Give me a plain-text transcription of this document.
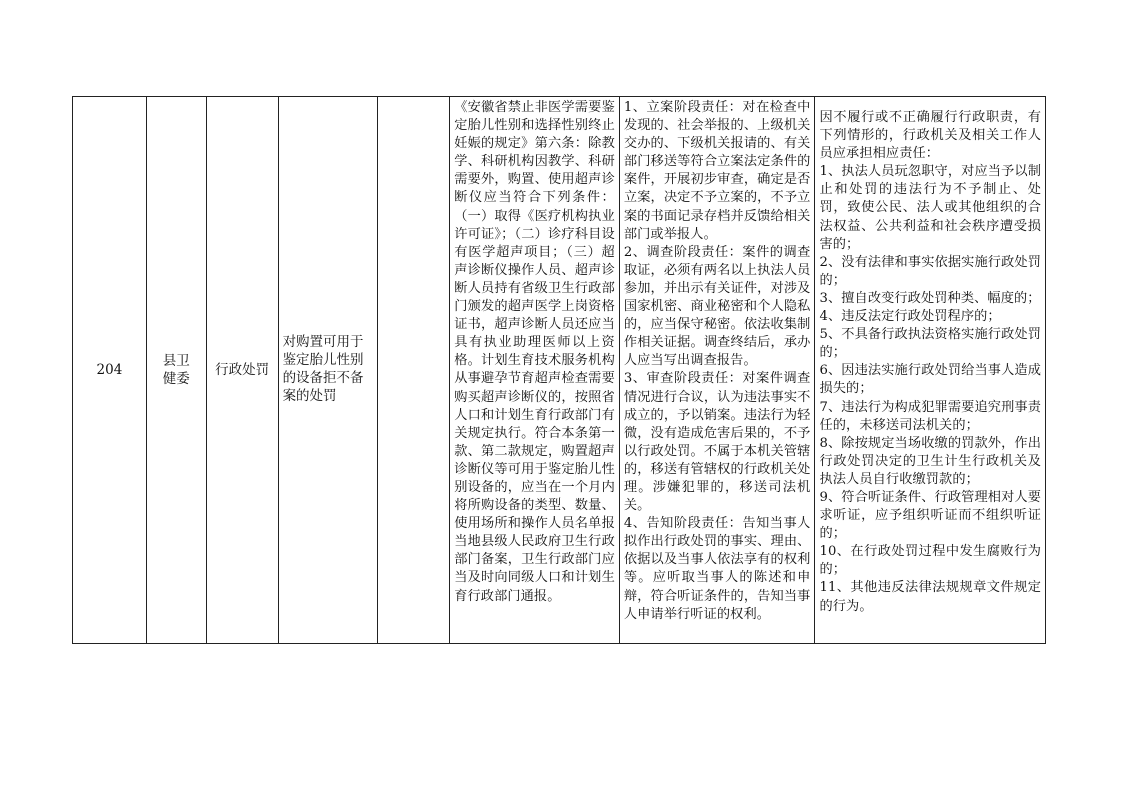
204
县卫健委
行政处罚
对购置可用于鉴定胎儿性别的设备拒不备案的处罚

《安徽省禁止非医学需要鉴定胎儿性别和选择性别终止妊娠的规定》第六条：除教学、科研机构因教学、科研需要外，购置、使用超声诊断仪应当符合下列条件：（一）取得《医疗机构执业许可证》；（二）诊疗科目设有医学超声项目；（三）超声诊断仪操作人员、超声诊断人员持有省级卫生行政部门颁发的超声医学上岗资格证书，超声诊断人员还应当具有执业助理医师以上资格。计划生育技术服务机构从事避孕节育超声检查需要购买超声诊断仪的，按照省人口和计划生育行政部门有关规定执行。符合本条第一款、第二款规定，购置超声诊断仪等可用于鉴定胎儿性别设备的，应当在一个月内将所购设备的类型、数量、使用场所和操作人员名单报当地县级人民政府卫生行政部门备案，卫生行政部门应当及时向同级人口和计划生育行政部门通报。

1、立案阶段责任：对在检查中发现的、社会举报的、上级机关交办的、下级机关报请的、有关部门移送等符合立案法定条件的案件，开展初步审查，确定是否立案，决定不予立案的，不予立案的书面记录存档并反馈给相关部门或举报人。

2、调查阶段责任：案件的调查取证，必须有两名以上执法人员参加，并出示有关证件，对涉及国家机密、商业秘密和个人隐私的，应当保守秘密。依法收集制作相关证据。调查终结后，承办人应当写出调查报告。

3、审查阶段责任：对案件调查情况进行合议，认为违法事实不成立的，予以销案。违法行为轻微，没有造成危害后果的，不予以行政处罚。不属于本机关管辖的，移送有管辖权的行政机关处理。涉嫌犯罪的，移送司法机关。

4、告知阶段责任：告知当事人拟作出行政处罚的事实、理由、依据以及当事人依法享有的权利等。应听取当事人的陈述和申辩，符合听证条件的，告知当事人申请举行听证的权利。

因不履行或不正确履行行政职责，有下列情形的，行政机关及相关工作人员应承担相应责任：

1、执法人员玩忽职守，对应当予以制止和处罚的违法行为不予制止、处罚，致使公民、法人或其他组织的合法权益、公共利益和社会秩序遭受损害的；

2、没有法律和事实依据实施行政处罚的；

3、擅自改变行政处罚种类、幅度的；

4、违反法定行政处罚程序的；

5、不具备行政执法资格实施行政处罚的；

6、因违法实施行政处罚给当事人造成损失的；

7、违法行为构成犯罪需要追究刑事责任的，未移送司法机关的；

8、除按规定当场收缴的罚款外，作出行政处罚决定的卫生计生行政机关及执法人员自行收缴罚款的；

9、符合听证条件、行政管理相对人要求听证，应予组织听证而不组织听证的；

10、在行政处罚过程中发生腐败行为的；

11、其他违反法律法规规章文件规定的行为。
